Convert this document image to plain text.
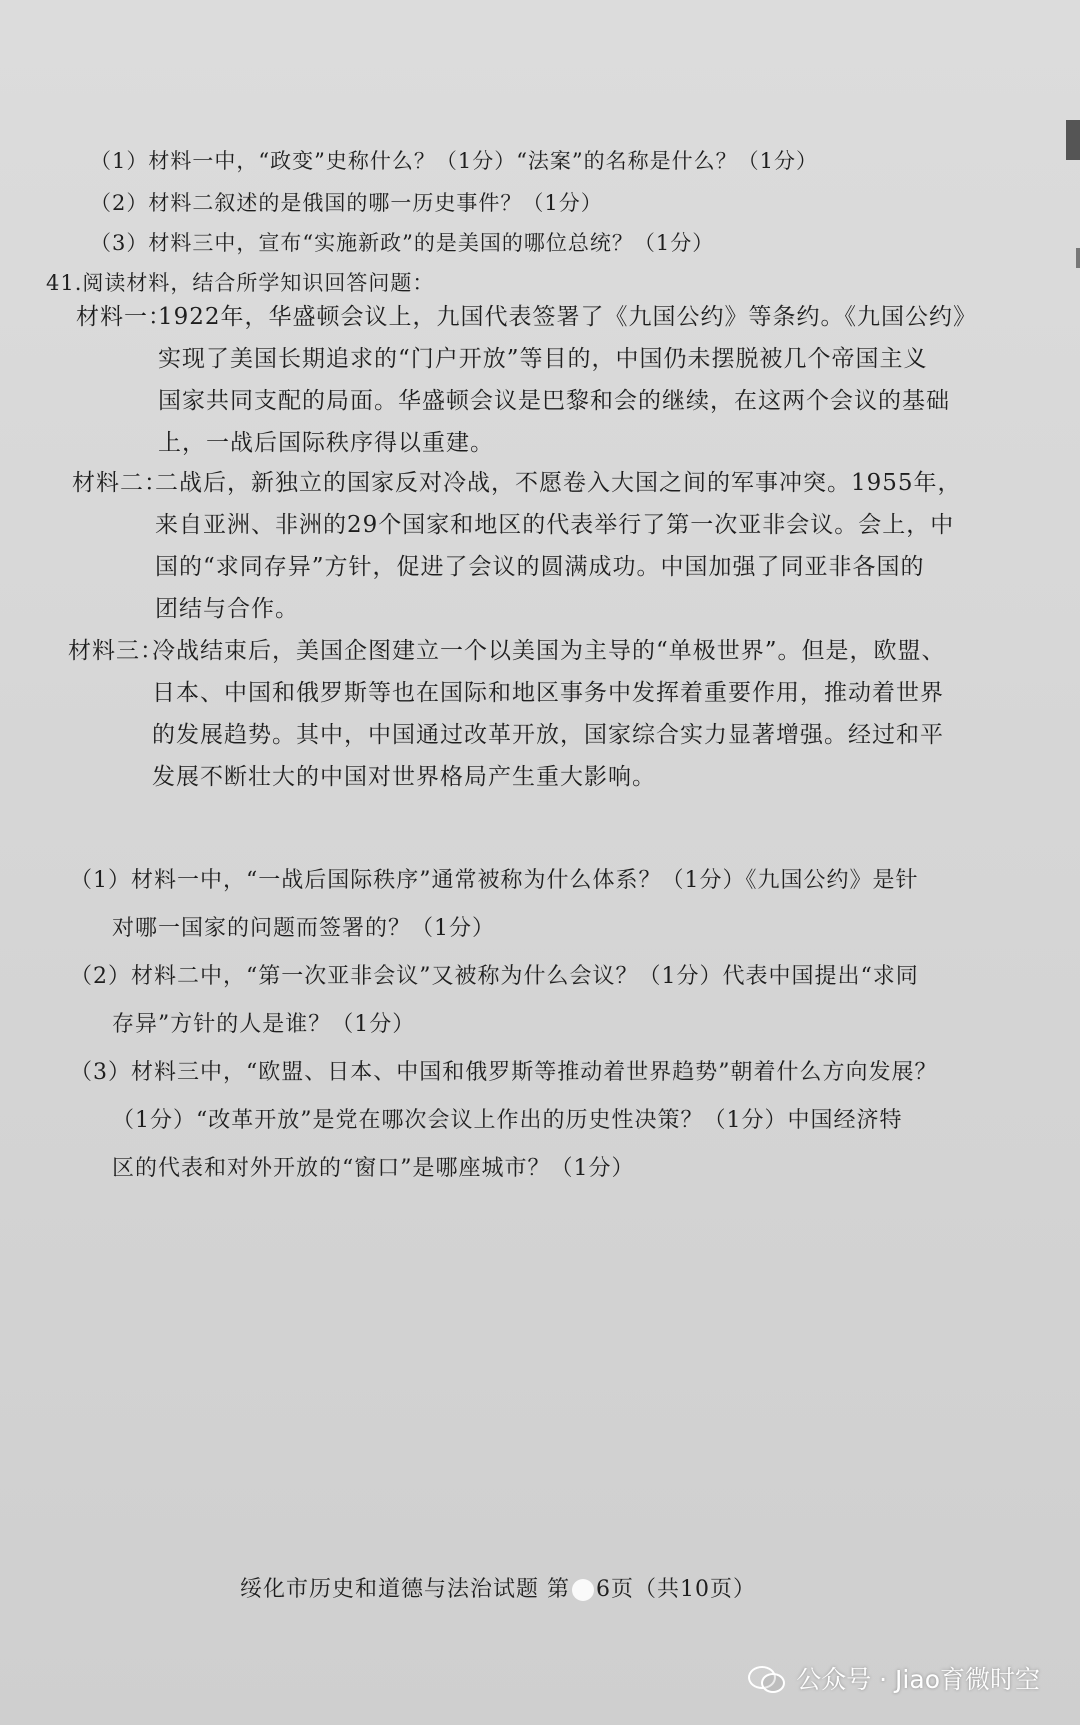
（1）材料一中，“政变”史称什么？（1分）“法案”的名称是什么？（1分）
（2）材料二叙述的是俄国的哪一历史事件？（1分）
（3）材料三中，宣布“实施新政”的是美国的哪位总统？（1分）
41.阅读材料，结合所学知识回答问题：
材料一：
1922年，华盛顿会议上，九国代表签署了《九国公约》等条约。《九国公约》
实现了美国长期追求的“门户开放”等目的，中国仍未摆脱被几个帝国主义
国家共同支配的局面。华盛顿会议是巴黎和会的继续，在这两个会议的基础
上，一战后国际秩序得以重建。
材料二：
二战后，新独立的国家反对冷战，不愿卷入大国之间的军事冲突。1955年，
来自亚洲、非洲的29个国家和地区的代表举行了第一次亚非会议。会上，中
国的“求同存异”方针，促进了会议的圆满成功。中国加强了同亚非各国的
团结与合作。
材料三：
冷战结束后，美国企图建立一个以美国为主导的“单极世界”。但是，欧盟、
日本、中国和俄罗斯等也在国际和地区事务中发挥着重要作用，推动着世界
的发展趋势。其中，中国通过改革开放，国家综合实力显著增强。经过和平
发展不断壮大的中国对世界格局产生重大影响。
（1）材料一中，“一战后国际秩序”通常被称为什么体系？（1分）《九国公约》是针
对哪一国家的问题而签署的？（1分）
（2）材料二中，“第一次亚非会议”又被称为什么会议？（1分）代表中国提出“求同
存异”方针的人是谁？（1分）
（3）材料三中，“欧盟、日本、中国和俄罗斯等推动着世界趋势”朝着什么方向发展？
（1分）“改革开放”是党在哪次会议上作出的历史性决策？（1分）中国经济特
区的代表和对外开放的“窗口”是哪座城市？（1分）
绥化市历史和道德与法治试题 第 6页（共10页）
公众号 · Jiao育微时空
